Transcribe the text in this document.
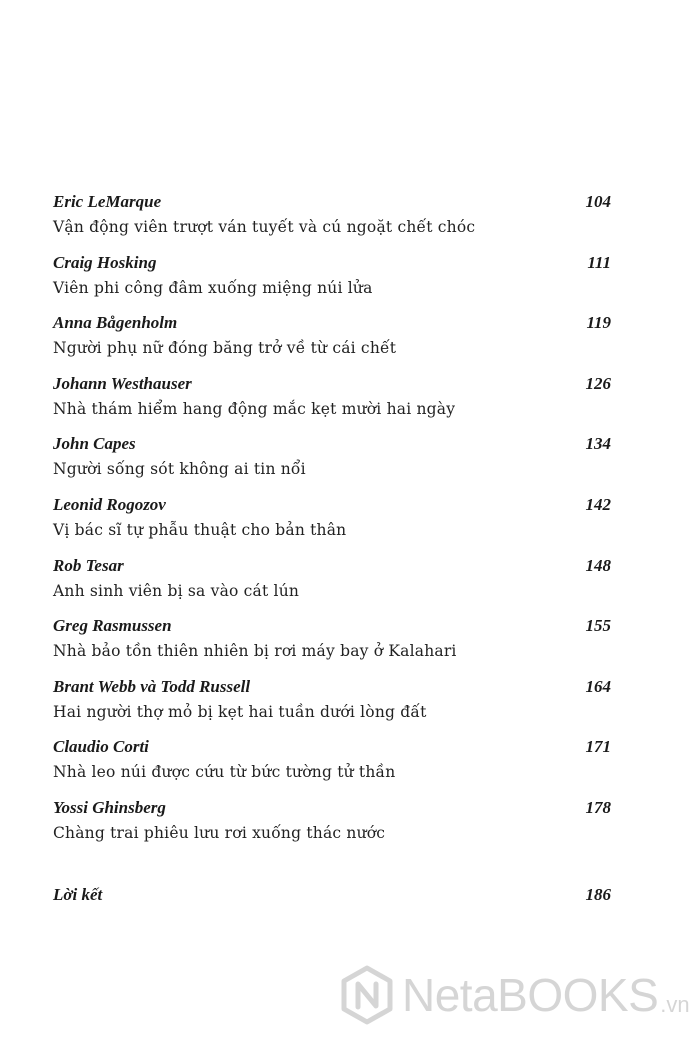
Eric LeMarque	104
Vận động viên trượt ván tuyết và cú ngoặt chết chóc
Craig Hosking	111
Viên phi công đâm xuống miệng núi lửa
Anna Bågenholm	119
Người phụ nữ đóng băng trở về từ cái chết
Johann Westhauser	126
Nhà thám hiểm hang động mắc kẹt mười hai ngày
John Capes	134
Người sống sót không ai tin nổi
Leonid Rogozov	142
Vị bác sĩ tự phẫu thuật cho bản thân
Rob Tesar	148
Anh sinh viên bị sa vào cát lún
Greg Rasmussen	155
Nhà bảo tồn thiên nhiên bị rơi máy bay ở Kalahari
Brant Webb và Todd Russell	164
Hai người thợ mỏ bị kẹt hai tuần dưới lòng đất
Claudio Corti	171
Nhà leo núi được cứu từ bức tường tử thần
Yossi Ghinsberg	178
Chàng trai phiêu lưu rơi xuống thác nước
Lời kết	186
NetaBOOKS .vn
